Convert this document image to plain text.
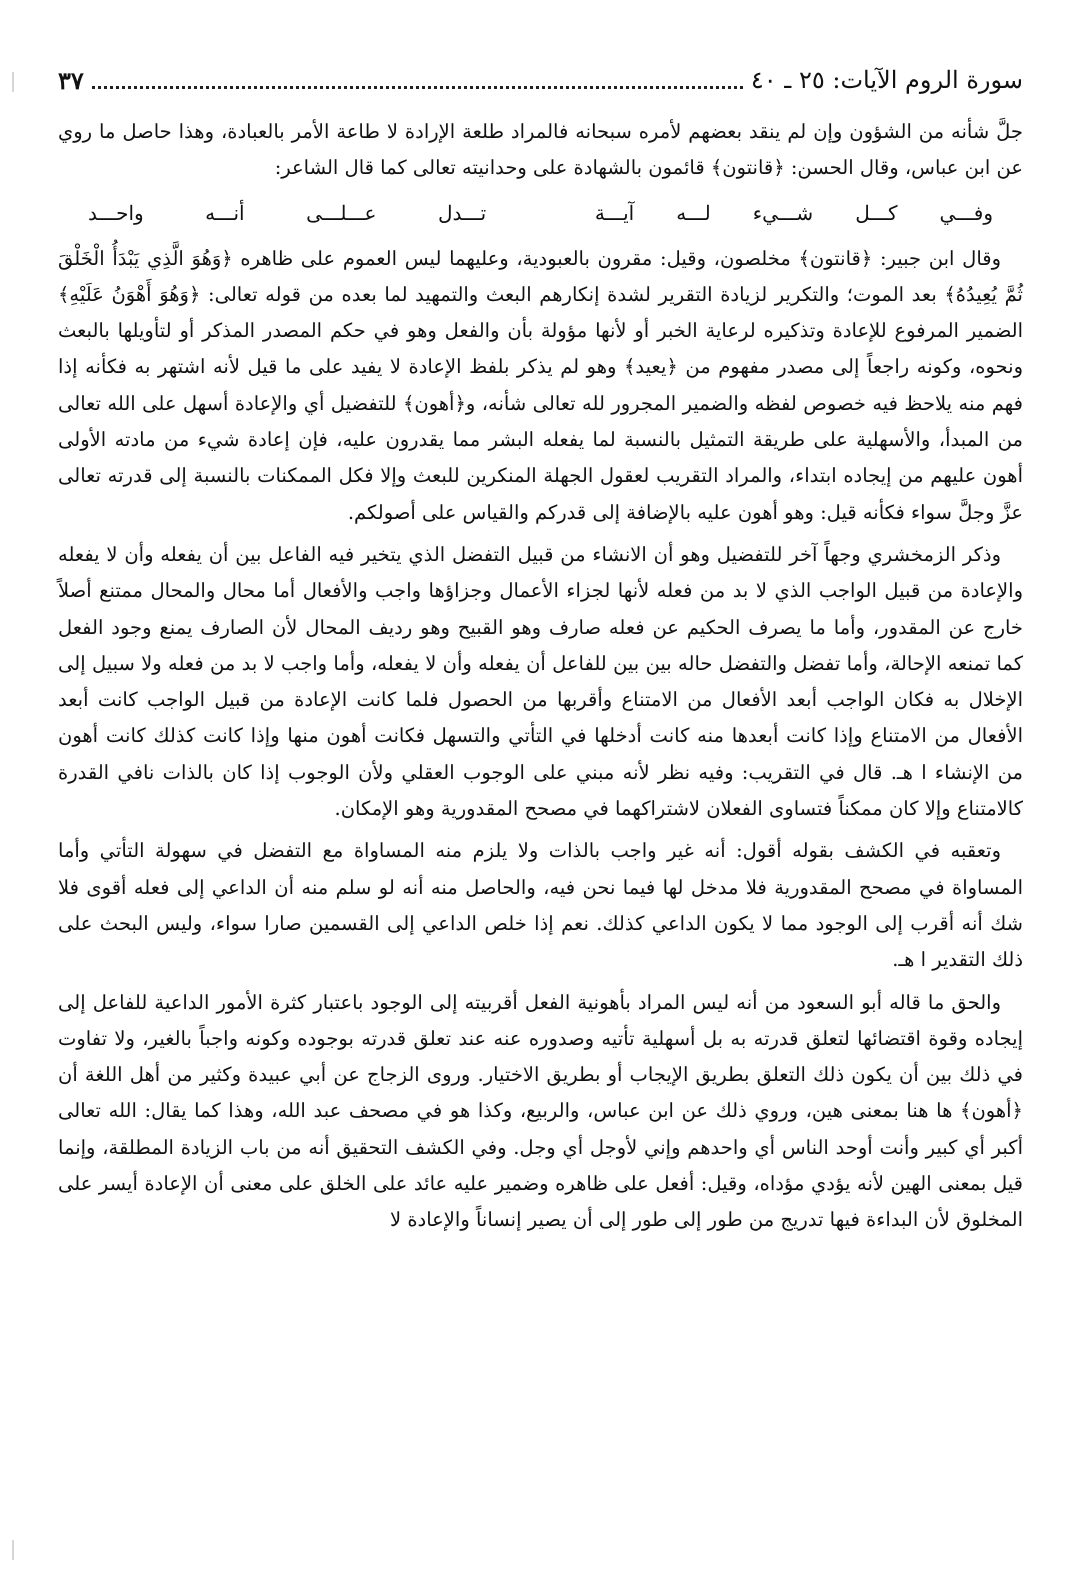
سورة الروم الآيات: ٢٥ ـ ٤٠
٣٧

جلَّ شأنه من الشؤون وإن لم ينقد بعضهم لأمره سبحانه فالمراد طلعة الإرادة لا طاعة الأمر بالعبادة، وهذا حاصل ما روي عن ابن عباس، وقال الحسن: ﴿قانتون﴾ قائمون بالشهادة على وحدانيته تعالى كما قال الشاعر:

وفـــي كـــل شـــيء لـــه آيـــة
تـــدل عـــلـــى أنـــه واحـــد

وقال ابن جبير: ﴿قانتون﴾ مخلصون، وقيل: مقرون بالعبودية، وعليهما ليس العموم على ظاهره ﴿وَهُوَ الَّذِي يَبْدَأُ الْخَلْقَ ثُمَّ يُعِيدُهُ﴾ بعد الموت؛ والتكرير لزيادة التقرير لشدة إنكارهم البعث والتمهيد لما بعده من قوله تعالى: ﴿وَهُوَ أَهْوَنُ عَلَيْهِ﴾ الضمير المرفوع للإعادة وتذكيره لرعاية الخبر أو لأنها مؤولة بأن والفعل وهو في حكم المصدر المذكر أو لتأويلها بالبعث ونحوه، وكونه راجعاً إلى مصدر مفهوم من ﴿يعيد﴾ وهو لم يذكر بلفظ الإعادة لا يفيد على ما قيل لأنه اشتهر به فكأنه إذا فهم منه يلاحظ فيه خصوص لفظه والضمير المجرور لله تعالى شأنه، و﴿أهون﴾ للتفضيل أي والإعادة أسهل على الله تعالى من المبدأ، والأسهلية على طريقة التمثيل بالنسبة لما يفعله البشر مما يقدرون عليه، فإن إعادة شيء من مادته الأولى أهون عليهم من إيجاده ابتداء، والمراد التقريب لعقول الجهلة المنكرين للبعث وإلا فكل الممكنات بالنسبة إلى قدرته تعالى عزَّ وجلَّ سواء فكأنه قيل: وهو أهون عليه بالإضافة إلى قدركم والقياس على أصولكم.

وذكر الزمخشري وجهاً آخر للتفضيل وهو أن الانشاء من قبيل التفضل الذي يتخير فيه الفاعل بين أن يفعله وأن لا يفعله والإعادة من قبيل الواجب الذي لا بد من فعله لأنها لجزاء الأعمال وجزاؤها واجب والأفعال أما محال والمحال ممتنع أصلاً خارج عن المقدور، وأما ما يصرف الحكيم عن فعله صارف وهو القبيح وهو رديف المحال لأن الصارف يمنع وجود الفعل كما تمنعه الإحالة، وأما تفضل والتفضل حاله بين بين للفاعل أن يفعله وأن لا يفعله، وأما واجب لا بد من فعله ولا سبيل إلى الإخلال به فكان الواجب أبعد الأفعال من الامتناع وأقربها من الحصول فلما كانت الإعادة من قبيل الواجب كانت أبعد الأفعال من الامتناع وإذا كانت أبعدها منه كانت أدخلها في التأتي والتسهل فكانت أهون منها وإذا كانت كذلك كانت أهون من الإنشاء ا هـ. قال في التقريب: وفيه نظر لأنه مبني على الوجوب العقلي ولأن الوجوب إذا كان بالذات نافي القدرة كالامتناع وإلا كان ممكناً فتساوى الفعلان لاشتراكهما في مصحح المقدورية وهو الإمكان.

وتعقبه في الكشف بقوله أقول: أنه غير واجب بالذات ولا يلزم منه المساواة مع التفضل في سهولة التأتي وأما المساواة في مصحح المقدورية فلا مدخل لها فيما نحن فيه، والحاصل منه أنه لو سلم منه أن الداعي إلى فعله أقوى فلا شك أنه أقرب إلى الوجود مما لا يكون الداعي كذلك. نعم إذا خلص الداعي إلى القسمين صارا سواء، وليس البحث على ذلك التقدير ا هـ.

والحق ما قاله أبو السعود من أنه ليس المراد بأهونية الفعل أقربيته إلى الوجود باعتبار كثرة الأمور الداعية للفاعل إلى إيجاده وقوة اقتضائها لتعلق قدرته به بل أسهلية تأتيه وصدوره عنه عند تعلق قدرته بوجوده وكونه واجباً بالغير، ولا تفاوت في ذلك بين أن يكون ذلك التعلق بطريق الإيجاب أو بطريق الاختيار. وروى الزجاج عن أبي عبيدة وكثير من أهل اللغة أن ﴿أهون﴾ ها هنا بمعنى هين، وروي ذلك عن ابن عباس، والربيع، وكذا هو في مصحف عبد الله، وهذا كما يقال: الله تعالى أكبر أي كبير وأنت أوحد الناس أي واحدهم وإني لأوجل أي وجل. وفي الكشف التحقيق أنه من باب الزيادة المطلقة، وإنما قيل بمعنى الهين لأنه يؤدي مؤداه، وقيل: أفعل على ظاهره وضمير عليه عائد على الخلق على معنى أن الإعادة أيسر على المخلوق لأن البداءة فيها تدريج من طور إلى طور إلى أن يصير إنساناً والإعادة لا
